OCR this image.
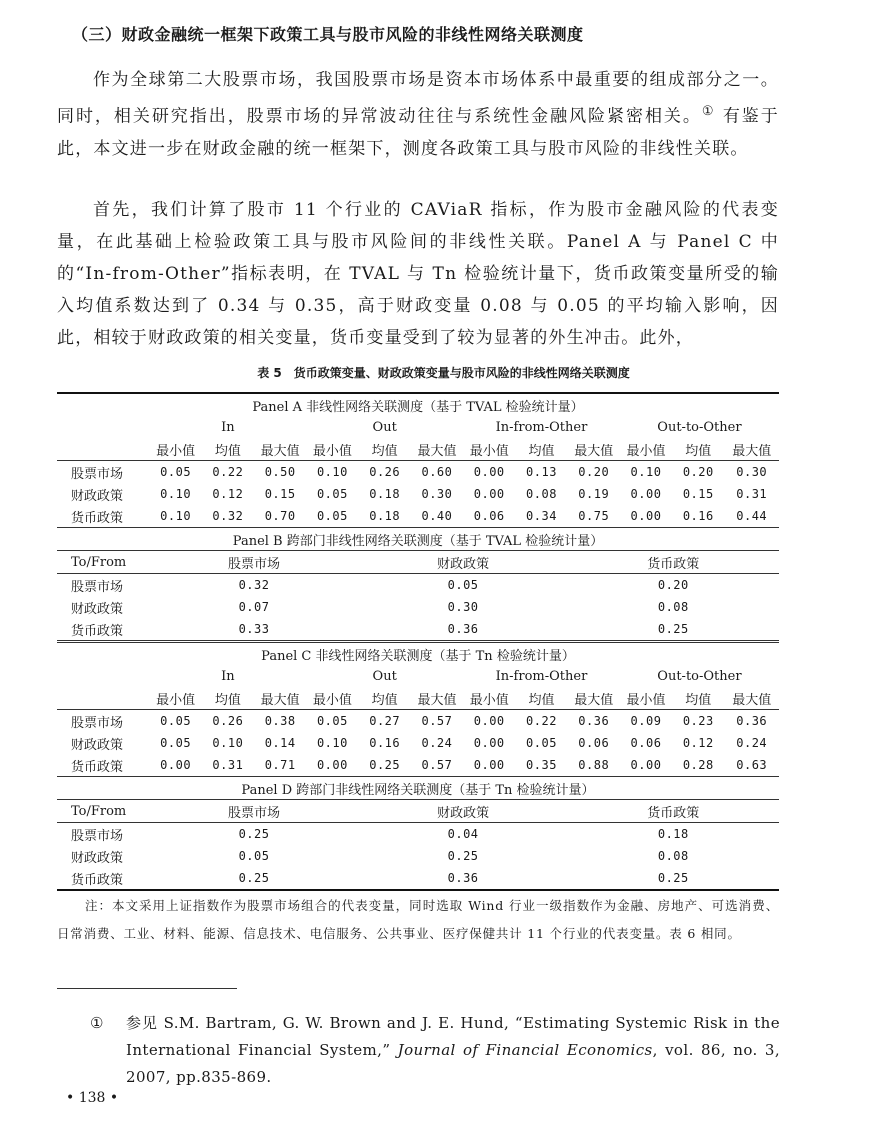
（三）财政金融统一框架下政策工具与股市风险的非线性网络关联测度

作为全球第二大股票市场，我国股票市场是资本市场体系中最重要的组成部分之一。同时，相关研究指出，股票市场的异常波动往往与系统性金融风险紧密相关。① 有鉴于此，本文进一步在财政金融的统一框架下，测度各政策工具与股市风险的非线性关联。

首先，我们计算了股市 11 个行业的 CAViaR 指标，作为股市金融风险的代表变量，在此基础上检验政策工具与股市风险间的非线性关联。Panel A 与 Panel C 中的“In-from-Other”指标表明，在 TVAL 与 Tn 检验统计量下，货币政策变量所受的输入均值系数达到了 0.34 与 0.35，高于财政变量 0.08 与 0.05 的平均输入影响，因此，相较于财政政策的相关变量，货币变量受到了较为显著的外生冲击。此外，

表 5 货币政策变量、财政政策变量与股市风险的非线性网络关联测度
Panel A 非线性网络关联测度（基于 TVAL 检验统计量）												
	In			Out			In-from-Other			Out-to-Other		
	最小值	均值	最大值	最小值	均值	最大值	最小值	均值	最大值	最小值	均值	最大值
股票市场	0.05	0.22	0.50	0.10	0.26	0.60	0.00	0.13	0.20	0.10	0.20	0.30
财政政策	0.10	0.12	0.15	0.05	0.18	0.30	0.00	0.08	0.19	0.00	0.15	0.31
货币政策	0.10	0.32	0.70	0.05	0.18	0.40	0.06	0.34	0.75	0.00	0.16	0.44
Panel B 跨部门非线性网络关联测度（基于 TVAL 检验统计量）												
To/From	股票市场				财政政策				货币政策			
股票市场	0.32				0.05				0.20			
财政政策	0.07				0.30				0.08			
货币政策	0.33				0.36				0.25			
Panel C 非线性网络关联测度（基于 Tn 检验统计量）												
	In			Out			In-from-Other			Out-to-Other		
	最小值	均值	最大值	最小值	均值	最大值	最小值	均值	最大值	最小值	均值	最大值
股票市场	0.05	0.26	0.38	0.05	0.27	0.57	0.00	0.22	0.36	0.09	0.23	0.36
财政政策	0.05	0.10	0.14	0.10	0.16	0.24	0.00	0.05	0.06	0.06	0.12	0.24
货币政策	0.00	0.31	0.71	0.00	0.25	0.57	0.00	0.35	0.88	0.00	0.28	0.63
Panel D 跨部门非线性网络关联测度（基于 Tn 检验统计量）												
To/From	股票市场				财政政策				货币政策			
股票市场	0.25				0.04				0.18			
财政政策	0.05				0.25				0.08			
货币政策	0.25				0.36				0.25			

注：本文采用上证指数作为股票市场组合的代表变量，同时选取 Wind 行业一级指数作为金融、房地产、可选消费、日常消费、工业、材料、能源、信息技术、电信服务、公共事业、医疗保健共计 11 个行业的代表变量。表 6 相同。

① 参见 S.M. Bartram, G. W. Brown and J. E. Hund, “Estimating Systemic Risk in the International Financial System,” Journal of Financial Economics, vol. 86, no. 3, 2007, pp.835-869.
• 138 •
